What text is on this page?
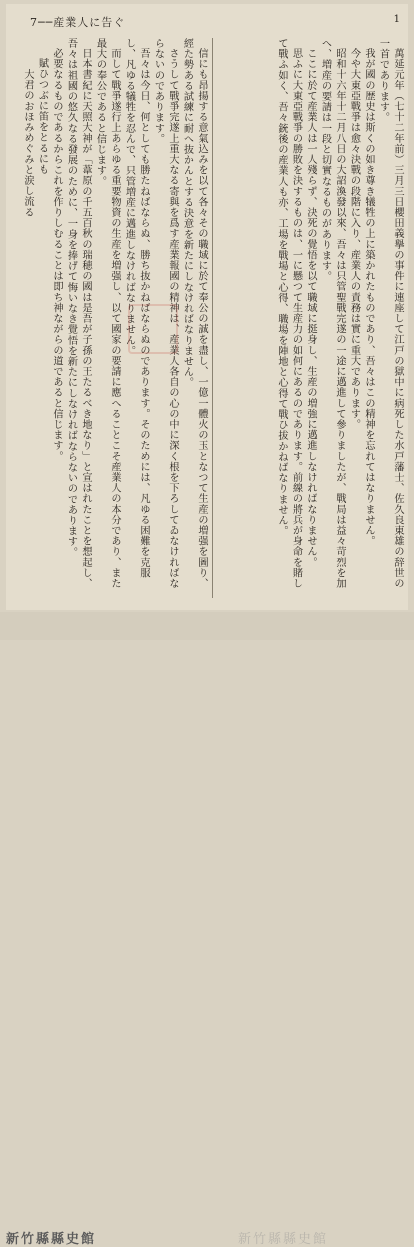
7──産業人に告ぐ	1

萬延元年（七十二年前）三月三日櫻田義擧の事件に連座して江戸の獄中に病死した水戸藩士、佐久良東雄の辞世の一首であります。

我が國の歴史は斯くの如き尊き犠牲の上に築かれたものであり、吾々はこの精神を忘れてはなりません。

今や大東亞戰爭は愈々決戰の段階に入り、産業人の責務は實に重大であります。

昭和十六年十二月八日の大詔渙發以來、吾々は只管聖戰完遂の一途に邁進して參りましたが、戰局は益々苛烈を加へ、増産の要請は一段と切實なるものがあります。

ここに於て産業人は一人殘らず、決死の覺悟を以て職域に挺身し、生産の増強に邁進しなければなりません。

思ふに大東亞戰爭の勝敗を決するものは、一に懸つて生産力の如何にあるのであります。前線の將兵が身命を賭して戰ふ如く、吾々銃後の産業人も亦、工場を戰場と心得、職場を陣地と心得て戰ひ拔かねばなりません。

信にも昂揚する意氣込みを以て各々その職域に於て奉公の誠を盡し、一億一體火の玉となつて生産の増强を圖り、經た勢ある試練に耐へ抜かんとする決意を新たにしなければなりません。

さうして戰爭完遂上重大なる寄與を爲す産業報國の精神は、産業人各自の心の中に深く根を下ろしてゐなければならないのであります。

吾々は今日、何としても勝たねばならぬ、勝ち抜かねばならぬのであります。そのためには、凡ゆる困難を克服し、凡ゆる犠牲を忍んで、只管増産に邁進しなければなりません。

而して戰爭遂行上あらゆる重要物資の生産を増强し、以て國家の要請に應へることこそ産業人の本分であり、また最大の奉公であると信じます。

日本書紀に天照大神が「葦原の千五百秋の瑞穂の國は是吾が子孫の王たるべき地なり」と宣はれたことを想起し、吾々は祖國の悠久なる發展のために、一身を捧げて悔いなき覺悟を新たにしなければならないのであります。

必要なるものであるからこれを作りしむることは即ち神ながらの道であると信じます。

賦ひつぶに笛をとるにも

大君のおほみめぐみと涙し流る

新竹縣縣史館	新竹縣縣史館
